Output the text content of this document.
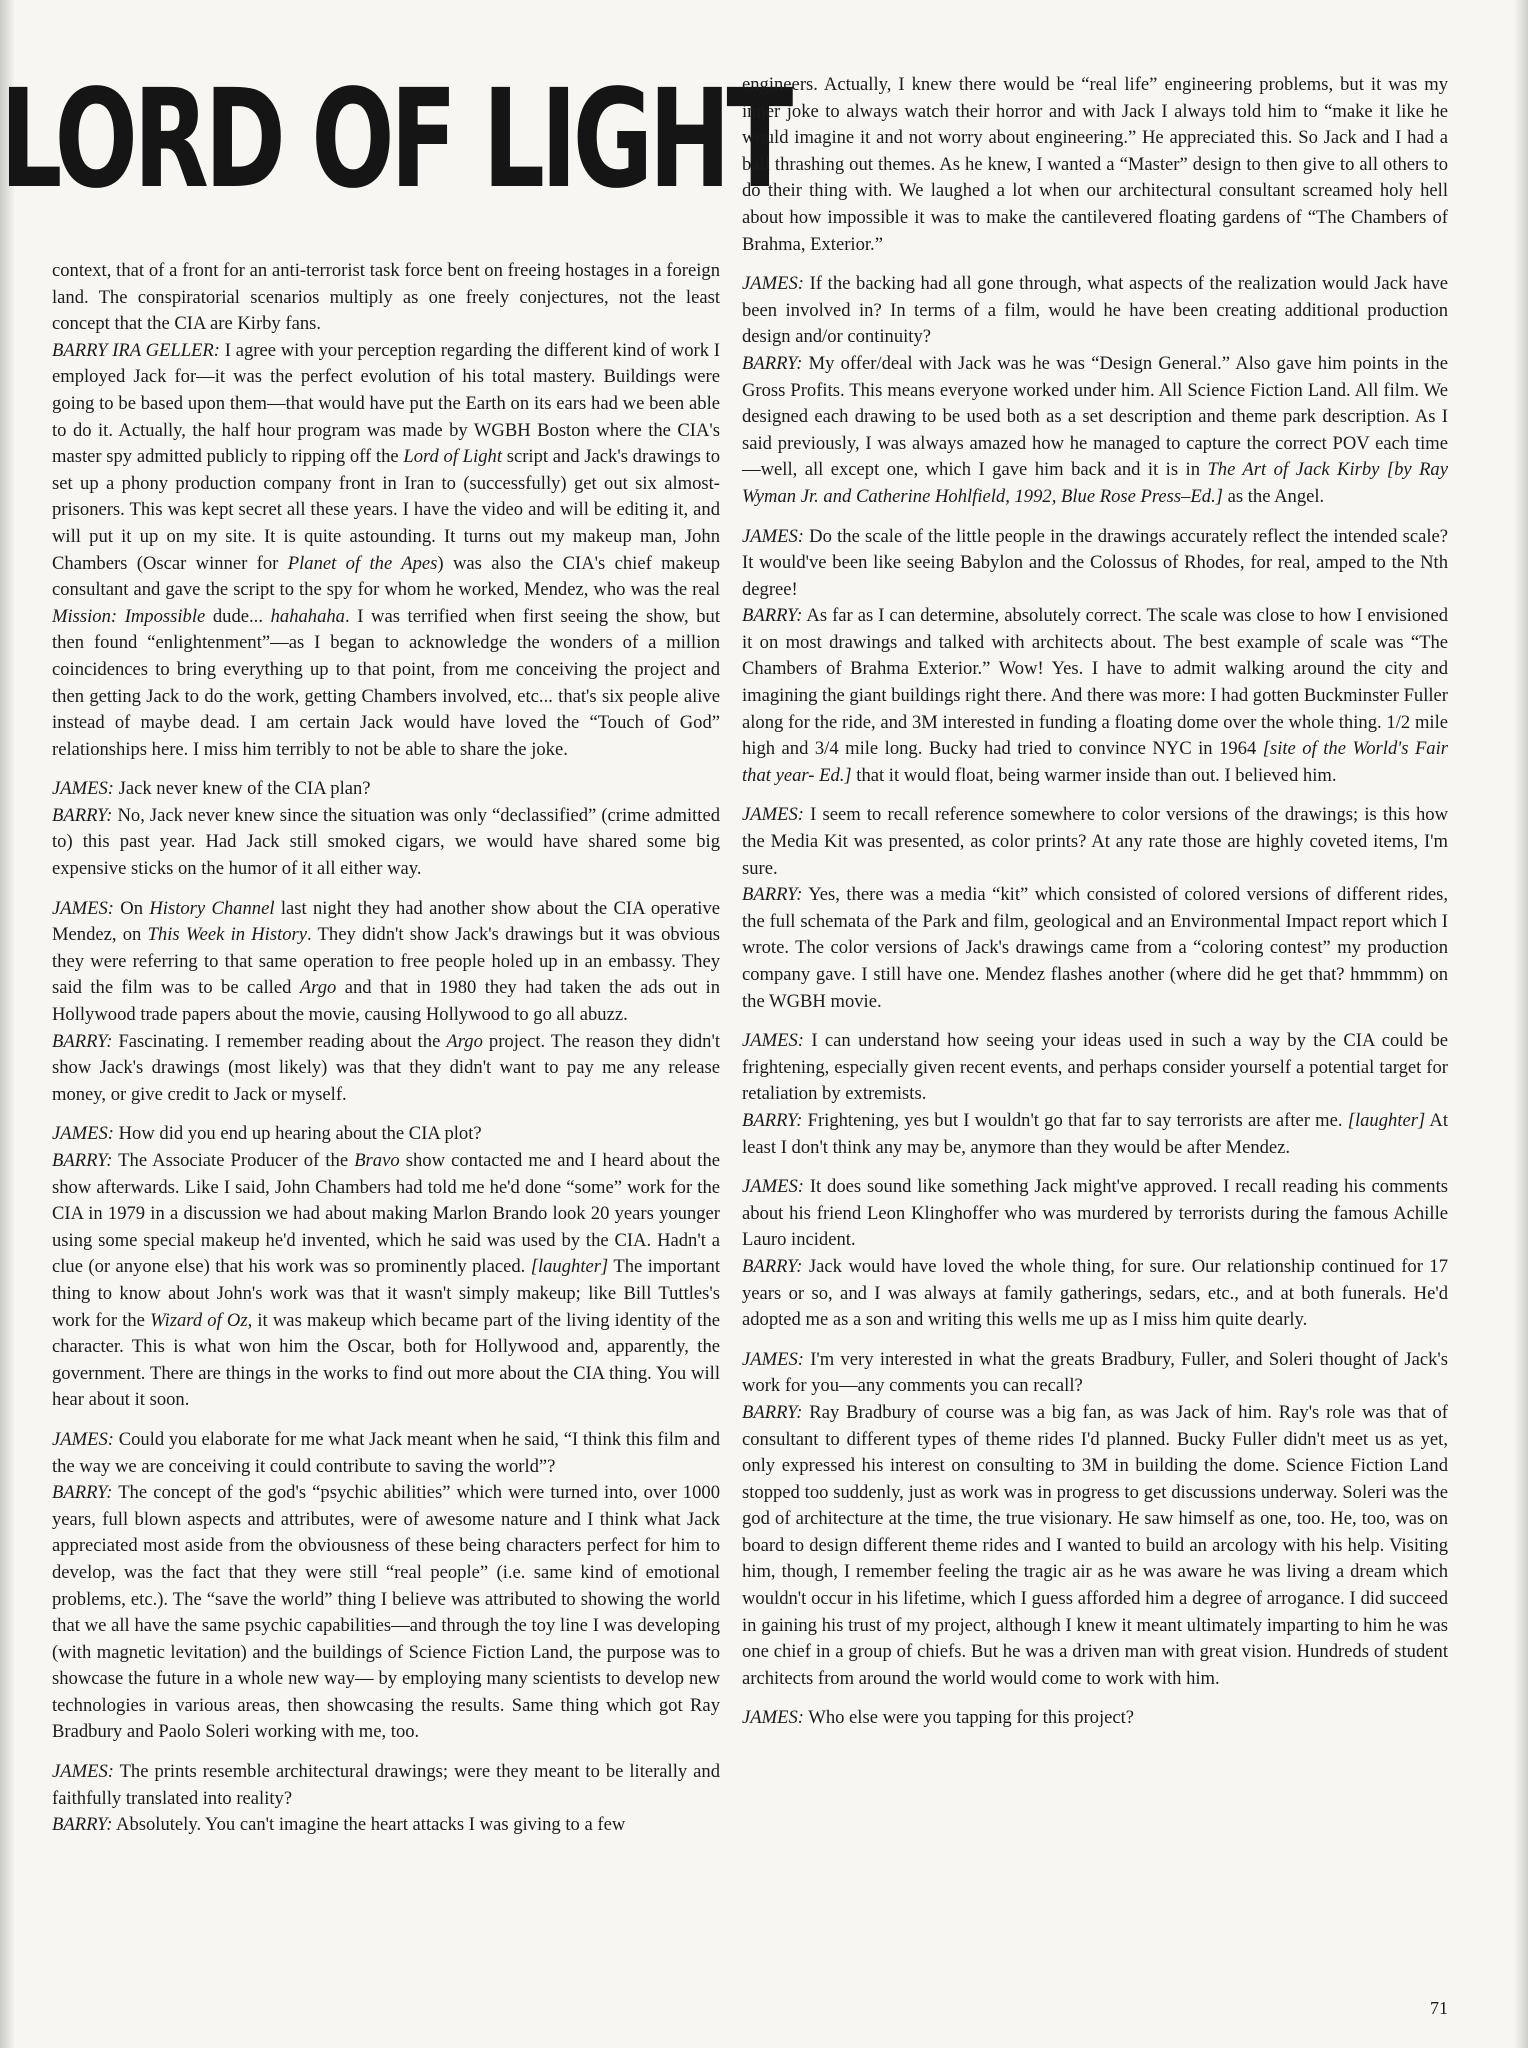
LORD OF LIGHT

context, that of a front for an anti-terrorist task force bent on freeing hostages in a foreign land. The conspiratorial scenarios multiply as one freely conjectures, not the least concept that the CIA are Kirby fans.

BARRY IRA GELLER: I agree with your perception regarding the different kind of work I employed Jack for—it was the perfect evolution of his total mastery. Buildings were going to be based upon them—that would have put the Earth on its ears had we been able to do it. Actually, the half hour program was made by WGBH Boston where the CIA's master spy admitted publicly to ripping off the Lord of Light script and Jack's drawings to set up a phony production company front in Iran to (successfully) get out six almost-prisoners. This was kept secret all these years. I have the video and will be editing it, and will put it up on my site. It is quite astounding. It turns out my makeup man, John Chambers (Oscar winner for Planet of the Apes) was also the CIA's chief makeup consultant and gave the script to the spy for whom he worked, Mendez, who was the real Mission: Impossible dude... hahahaha. I was terrified when first seeing the show, but then found “enlightenment”—as I began to acknowledge the wonders of a million coincidences to bring everything up to that point, from me conceiving the project and then getting Jack to do the work, getting Chambers involved, etc... that's six people alive instead of maybe dead. I am certain Jack would have loved the “Touch of God” relationships here. I miss him terribly to not be able to share the joke.

JAMES: Jack never knew of the CIA plan?

BARRY: No, Jack never knew since the situation was only “declassified” (crime admitted to) this past year. Had Jack still smoked cigars, we would have shared some big expensive sticks on the humor of it all either way.

JAMES: On History Channel last night they had another show about the CIA operative Mendez, on This Week in History. They didn't show Jack's drawings but it was obvious they were referring to that same operation to free people holed up in an embassy. They said the film was to be called Argo and that in 1980 they had taken the ads out in Hollywood trade papers about the movie, causing Hollywood to go all abuzz.

BARRY: Fascinating. I remember reading about the Argo project. The reason they didn't show Jack's drawings (most likely) was that they didn't want to pay me any release money, or give credit to Jack or myself.

JAMES: How did you end up hearing about the CIA plot?

BARRY: The Associate Producer of the Bravo show contacted me and I heard about the show afterwards. Like I said, John Chambers had told me he'd done “some” work for the CIA in 1979 in a discussion we had about making Marlon Brando look 20 years younger using some special makeup he'd invented, which he said was used by the CIA. Hadn't a clue (or anyone else) that his work was so prominently placed. [laughter] The important thing to know about John's work was that it wasn't simply makeup; like Bill Tuttles's work for the Wizard of Oz, it was makeup which became part of the living identity of the character. This is what won him the Oscar, both for Hollywood and, apparently, the government. There are things in the works to find out more about the CIA thing. You will hear about it soon.

JAMES: Could you elaborate for me what Jack meant when he said, “I think this film and the way we are conceiving it could contribute to saving the world”?

BARRY: The concept of the god's “psychic abilities” which were turned into, over 1000 years, full blown aspects and attributes, were of awesome nature and I think what Jack appreciated most aside from the obviousness of these being characters perfect for him to develop, was the fact that they were still “real people” (i.e. same kind of emotional problems, etc.). The “save the world” thing I believe was attributed to showing the world that we all have the same psychic capabilities—and through the toy line I was developing (with magnetic levitation) and the buildings of Science Fiction Land, the purpose was to showcase the future in a whole new way— by employing many scientists to develop new technologies in various areas, then showcasing the results. Same thing which got Ray Bradbury and Paolo Soleri working with me, too.

JAMES: The prints resemble architectural drawings; were they meant to be literally and faithfully translated into reality?

BARRY: Absolutely. You can't imagine the heart attacks I was giving to a few

engineers. Actually, I knew there would be “real life” engineering problems, but it was my inner joke to always watch their horror and with Jack I always told him to “make it like he would imagine it and not worry about engineering.” He appreciated this. So Jack and I had a ball thrashing out themes. As he knew, I wanted a “Master” design to then give to all others to do their thing with. We laughed a lot when our architectural consultant screamed holy hell about how impossible it was to make the cantilevered floating gardens of “The Chambers of Brahma, Exterior.”

JAMES: If the backing had all gone through, what aspects of the realization would Jack have been involved in? In terms of a film, would he have been creating additional production design and/or continuity?

BARRY: My offer/deal with Jack was he was “Design General.” Also gave him points in the Gross Profits. This means everyone worked under him. All Science Fiction Land. All film. We designed each drawing to be used both as a set description and theme park description. As I said previously, I was always amazed how he managed to capture the correct POV each time—well, all except one, which I gave him back and it is in The Art of Jack Kirby [by Ray Wyman Jr. and Catherine Hohlfield, 1992, Blue Rose Press–Ed.] as the Angel.

JAMES: Do the scale of the little people in the drawings accurately reflect the intended scale? It would've been like seeing Babylon and the Colossus of Rhodes, for real, amped to the Nth degree!

BARRY: As far as I can determine, absolutely correct. The scale was close to how I envisioned it on most drawings and talked with architects about. The best example of scale was “The Chambers of Brahma Exterior.” Wow! Yes. I have to admit walking around the city and imagining the giant buildings right there. And there was more: I had gotten Buckminster Fuller along for the ride, and 3M interested in funding a floating dome over the whole thing. 1/2 mile high and 3/4 mile long. Bucky had tried to convince NYC in 1964 [site of the World's Fair that year- Ed.] that it would float, being warmer inside than out. I believed him.

JAMES: I seem to recall reference somewhere to color versions of the drawings; is this how the Media Kit was presented, as color prints? At any rate those are highly coveted items, I'm sure.

BARRY: Yes, there was a media “kit” which consisted of colored versions of different rides, the full schemata of the Park and film, geological and an Environmental Impact report which I wrote. The color versions of Jack's drawings came from a “coloring contest” my production company gave. I still have one. Mendez flashes another (where did he get that? hmmmm) on the WGBH movie.

JAMES: I can understand how seeing your ideas used in such a way by the CIA could be frightening, especially given recent events, and perhaps consider yourself a potential target for retaliation by extremists.

BARRY: Frightening, yes but I wouldn't go that far to say terrorists are after me. [laughter] At least I don't think any may be, anymore than they would be after Mendez.

JAMES: It does sound like something Jack might've approved. I recall reading his comments about his friend Leon Klinghoffer who was murdered by terrorists during the famous Achille Lauro incident.

BARRY: Jack would have loved the whole thing, for sure. Our relationship continued for 17 years or so, and I was always at family gatherings, sedars, etc., and at both funerals. He'd adopted me as a son and writing this wells me up as I miss him quite dearly.

JAMES: I'm very interested in what the greats Bradbury, Fuller, and Soleri thought of Jack's work for you—any comments you can recall?

BARRY: Ray Bradbury of course was a big fan, as was Jack of him. Ray's role was that of consultant to different types of theme rides I'd planned. Bucky Fuller didn't meet us as yet, only expressed his interest on consulting to 3M in building the dome. Science Fiction Land stopped too suddenly, just as work was in progress to get discussions underway. Soleri was the god of architecture at the time, the true visionary. He saw himself as one, too. He, too, was on board to design different theme rides and I wanted to build an arcology with his help. Visiting him, though, I remember feeling the tragic air as he was aware he was living a dream which wouldn't occur in his lifetime, which I guess afforded him a degree of arrogance. I did succeed in gaining his trust of my project, although I knew it meant ultimately imparting to him he was one chief in a group of chiefs. But he was a driven man with great vision. Hundreds of student architects from around the world would come to work with him.

JAMES: Who else were you tapping for this project?

71
